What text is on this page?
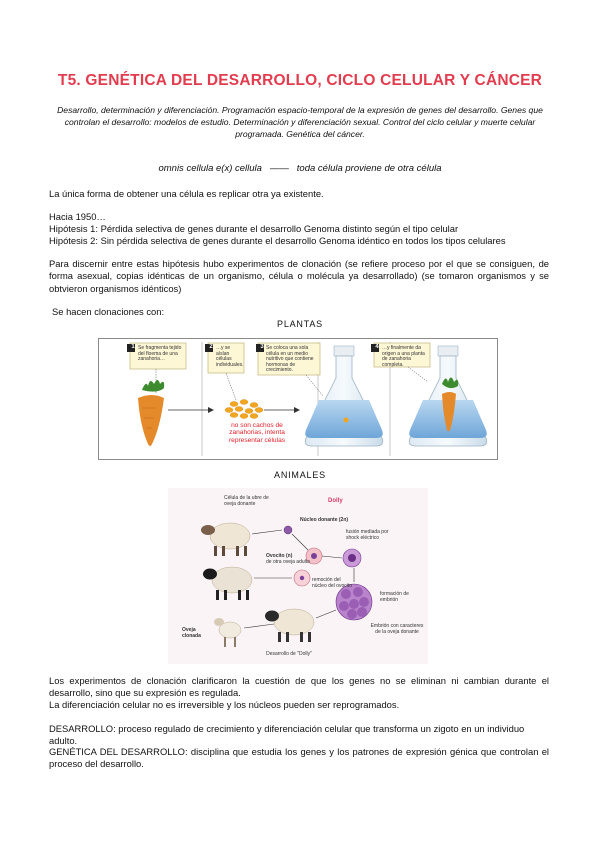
T5. GENÉTICA DEL DESARROLLO, CICLO CELULAR Y CÁNCER
Desarrollo, determinación y diferenciación. Programación espacio-temporal de la expresión de genes del desarrollo. Genes que controlan el desarrollo: modelos de estudio. Determinación y diferenciación sexual. Control del ciclo celular y muerte celular programada. Genética del cáncer.
omnis cellula e(x) cellula —— toda célula proviene de otra célula
La única forma de obtener una célula es replicar otra ya existente.
Hacia 1950…
Hipótesis 1: Pérdida selectiva de genes durante el desarrollo Genoma distinto según el tipo celular
Hipótesis 2: Sin pérdida selectiva de genes durante el desarrollo Genoma idéntico en todos los tipos celulares
Para discernir entre estas hipótesis hubo experimentos de clonación (se refiere proceso por el que se consiguen, de forma asexual, copias idénticas de un organismo, célula o molécula ya desarrollado) (se tomaron organismos y se obtvieron organismos idénticos)
Se hacen clonaciones con:
PLANTAS
Se fragmenta tejido del floema de una zanahoria…
…y se aíslan células individuales.
Se coloca una sola célula en un medio nutritivo que contiene hormonas de crecimiento.
…y finalmente da origen a una planta de zanahoria completa.
1	2	3	4
no son cachos de zanahorias, intenta representar células
ANIMALES
Dolly
Célula de la ubre de oveja donante
Núcleo donante (2n)
fusión mediada por shock eléctrico
Ovocito (n)
de otra oveja adulta
remoción del núcleo del ovocito
formación de embrión
Embrión con caracteres de la oveja donante
Oveja clonada
Desarrollo de "Dolly"
Los experimentos de clonación clarificaron la cuestión de que los genes no se eliminan ni cambian durante el desarrollo, sino que su expresión es regulada.
La diferenciación celular no es irreversible y los núcleos pueden ser reprogramados.
DESARROLLO: proceso regulado de crecimiento y diferenciación celular que transforma un zigoto en un individuo adulto.
GENÉTICA DEL DESARROLLO: disciplina que estudia los genes y los patrones de expresión génica que controlan el proceso del desarrollo.
